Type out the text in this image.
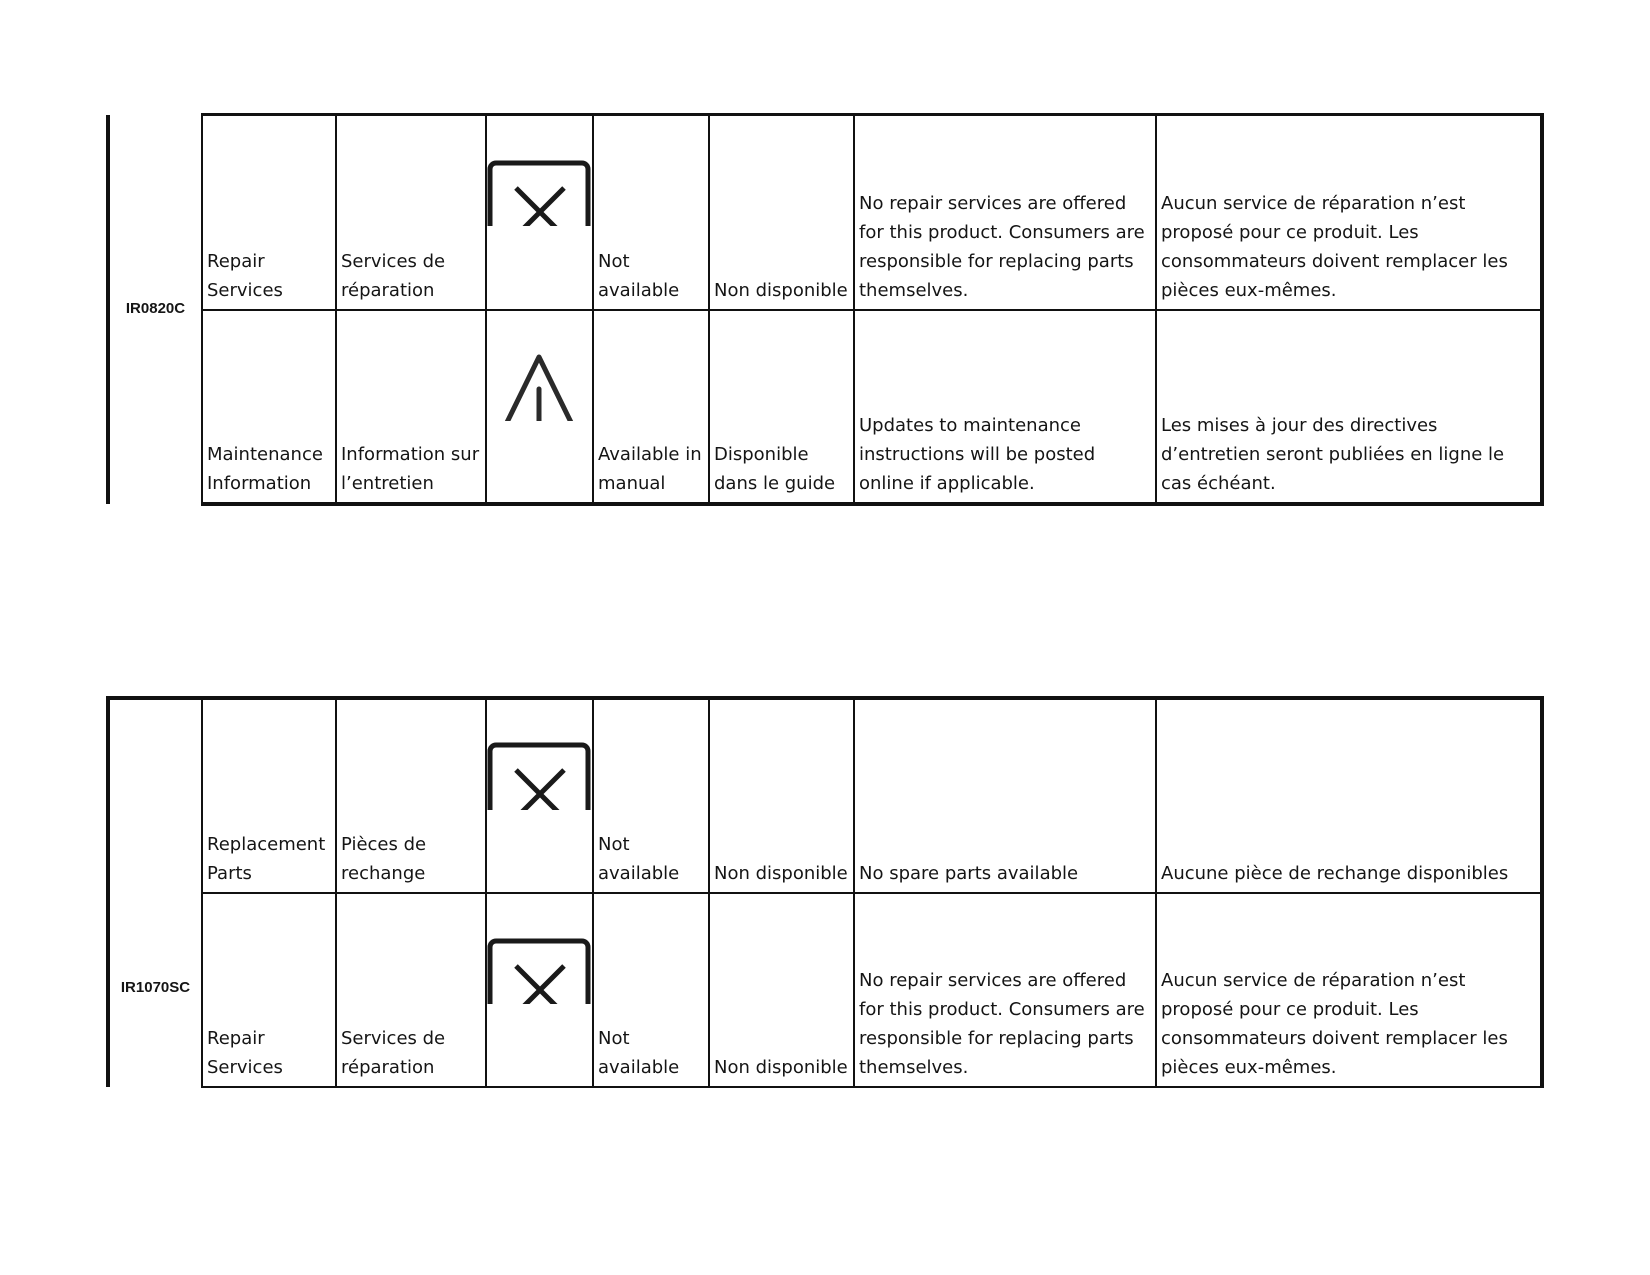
IR0820C	Repair Services	Services de réparation		Not available	Non disponible	No repair services are offered for this product. Consumers are responsible for replacing parts themselves.	Aucun service de réparation n’est proposé pour ce produit. Les consommateurs doivent remplacer les pièces eux-mêmes.
	Maintenance Information	Information sur l’entretien		Available in manual	Disponible dans le guide	Updates to maintenance instructions will be posted online if applicable.	Les mises à jour des directives d’entretien seront publiées en ligne le cas échéant.
IR1070SC	Replacement Parts	Pièces de rechange		Not available	Non disponible	No spare parts available	Aucune pièce de rechange disponibles
	Repair Services	Services de réparation		Not available	Non disponible	No repair services are offered for this product. Consumers are responsible for replacing parts themselves.	Aucun service de réparation n’est proposé pour ce produit. Les consommateurs doivent remplacer les pièces eux-mêmes.
